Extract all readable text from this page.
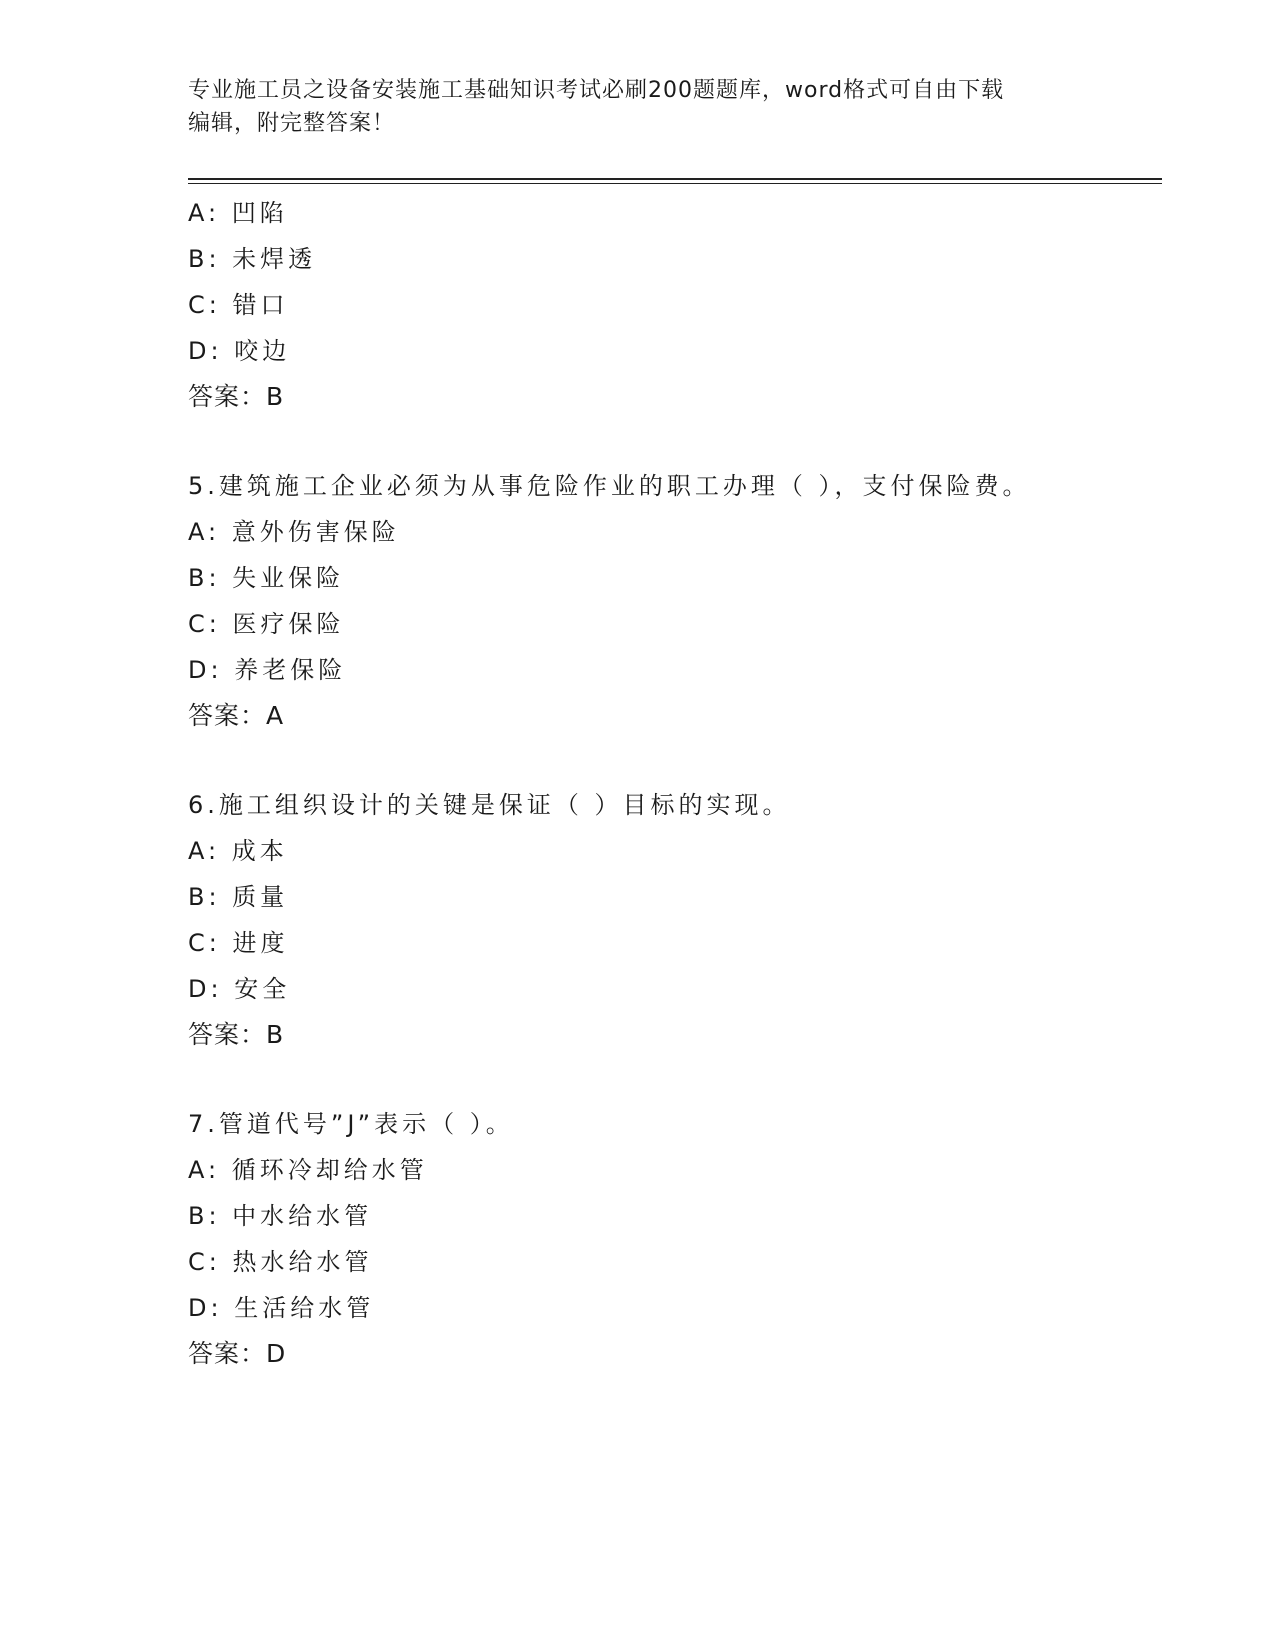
专业施工员之设备安装施工基础知识考试必刷200题题库，word格式可自由下载
编辑，附完整答案！
A: 凹陷
B: 未焊透
C: 错口
D: 咬边
答案：B
5.建筑施工企业必须为从事危险作业的职工办理（ ），支付保险费。
A: 意外伤害保险
B: 失业保险
C: 医疗保险
D: 养老保险
答案：A
6.施工组织设计的关键是保证（ ）目标的实现。
A: 成本
B: 质量
C: 进度
D: 安全
答案：B
7.管道代号”J”表示（ ）。
A: 循环冷却给水管
B: 中水给水管
C: 热水给水管
D: 生活给水管
答案：D
